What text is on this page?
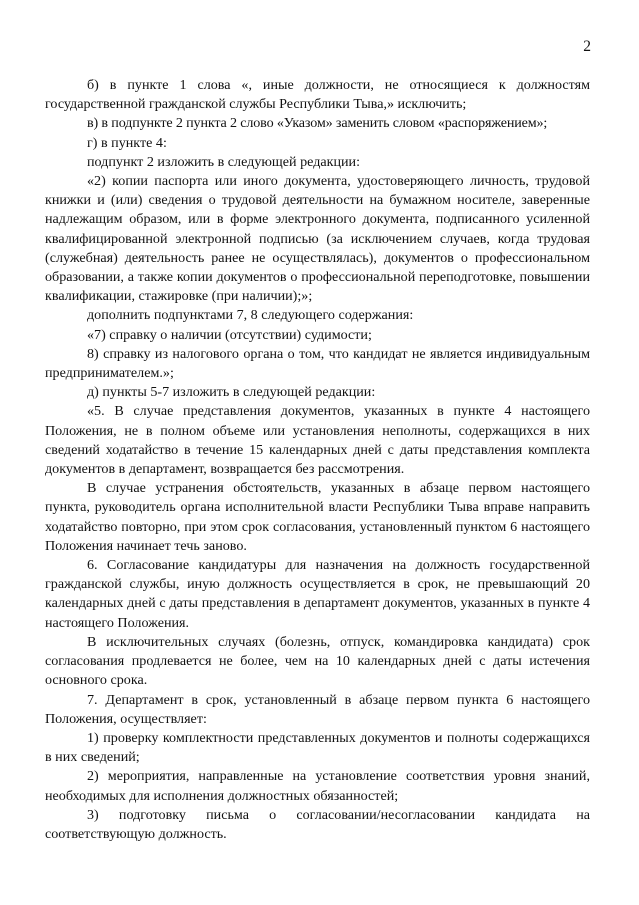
2

б) в пункте 1 слова «, иные должности, не относящиеся к должностям государственной гражданской службы Республики Тыва,» исключить;

в) в подпункте 2 пункта 2 слово «Указом» заменить словом «распоряжением»;

г) в пункте 4:

подпункт 2 изложить в следующей редакции:

«2) копии паспорта или иного документа, удостоверяющего личность, трудовой книжки и (или) сведения о трудовой деятельности на бумажном носителе, заверенные надлежащим образом, или в форме электронного документа, подписанного усиленной квалифицированной электронной подписью (за исключением случаев, когда трудовая (служебная) деятельность ранее не осуществлялась), документов о профессиональном образовании, а также копии документов о профессиональной переподготовке, повышении квалификации, стажировке (при наличии);»;

дополнить подпунктами 7, 8 следующего содержания:

«7) справку о наличии (отсутствии) судимости;

8) справку из налогового органа о том, что кандидат не является индивидуальным предпринимателем.»;

д) пункты 5-7 изложить в следующей редакции:

«5. В случае представления документов, указанных в пункте 4 настоящего Положения, не в полном объеме или установления неполноты, содержащихся в них сведений ходатайство в течение 15 календарных дней с даты представления комплекта документов в департамент, возвращается без рассмотрения.

В случае устранения обстоятельств, указанных в абзаце первом настоящего пункта, руководитель органа исполнительной власти Республики Тыва вправе направить ходатайство повторно, при этом срок согласования, установленный пунктом 6 настоящего Положения начинает течь заново.

6. Согласование кандидатуры для назначения на должность государственной гражданской службы, иную должность осуществляется в срок, не превышающий 20 календарных дней с даты представления в департамент документов, указанных в пункте 4 настоящего Положения.

В исключительных случаях (болезнь, отпуск, командировка кандидата) срок согласования продлевается не более, чем на 10 календарных дней с даты истечения основного срока.

7. Департамент в срок, установленный в абзаце первом пункта 6 настоящего Положения, осуществляет:

1) проверку комплектности представленных документов и полноты содержащихся в них сведений;

2) мероприятия, направленные на установление соответствия уровня знаний, необходимых для исполнения должностных обязанностей;

3) подготовку письма о согласовании/несогласовании кандидата на соответствующую должность.
